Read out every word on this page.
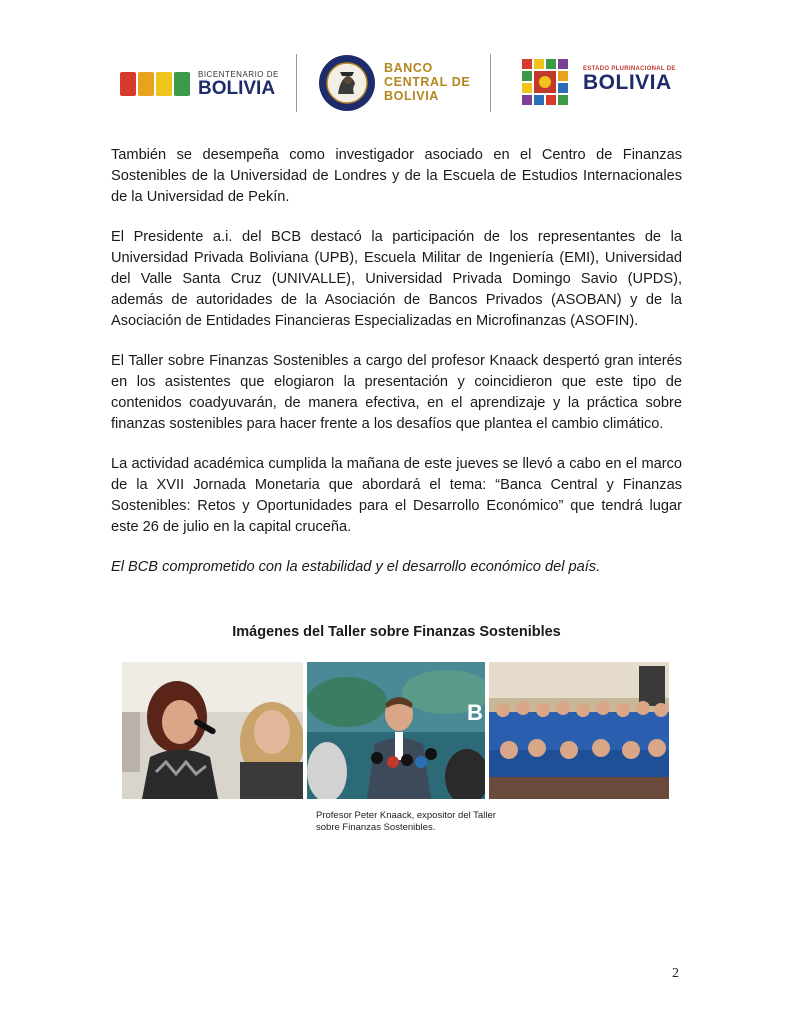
BICENTENARIO DE
BOLIVIA
BANCO
CENTRAL DE
BOLIVIA
ESTADO PLURINACIONAL DE
BOLIVIA

También se desempeña como investigador asociado en el Centro de Finanzas Sostenibles de la Universidad de Londres y de la Escuela de Estudios Internacionales de la Universidad de Pekín.

El Presidente a.i. del BCB destacó la participación de los representantes de la Universidad Privada Boliviana (UPB), Escuela Militar de Ingeniería (EMI), Universidad del Valle Santa Cruz (UNIVALLE), Universidad Privada Domingo Savio (UPDS), además de autoridades de la Asociación de Bancos Privados (ASOBAN) y de la Asociación de Entidades Financieras Especializadas en Microfinanzas (ASOFIN).

El Taller sobre Finanzas Sostenibles a cargo del profesor Knaack despertó gran interés en los asistentes que elogiaron la presentación y coincidieron que este tipo de contenidos coadyuvarán, de manera efectiva, en el aprendizaje y la práctica sobre finanzas sostenibles para hacer frente a los desafíos que plantea el cambio climático.

La actividad académica cumplida la mañana de este jueves se llevó a cabo en el marco de la XVII Jornada Monetaria que abordará el tema: “Banca Central y Finanzas Sostenibles: Retos y Oportunidades para el Desarrollo Económico” que tendrá lugar este 26 de julio en la capital cruceña.

El BCB comprometido con la estabilidad y el desarrollo económico del país.

Imágenes del Taller sobre Finanzas Sostenibles
B
Profesor Peter Knaack, expositor del Taller sobre Finanzas Sostenibles.
2
